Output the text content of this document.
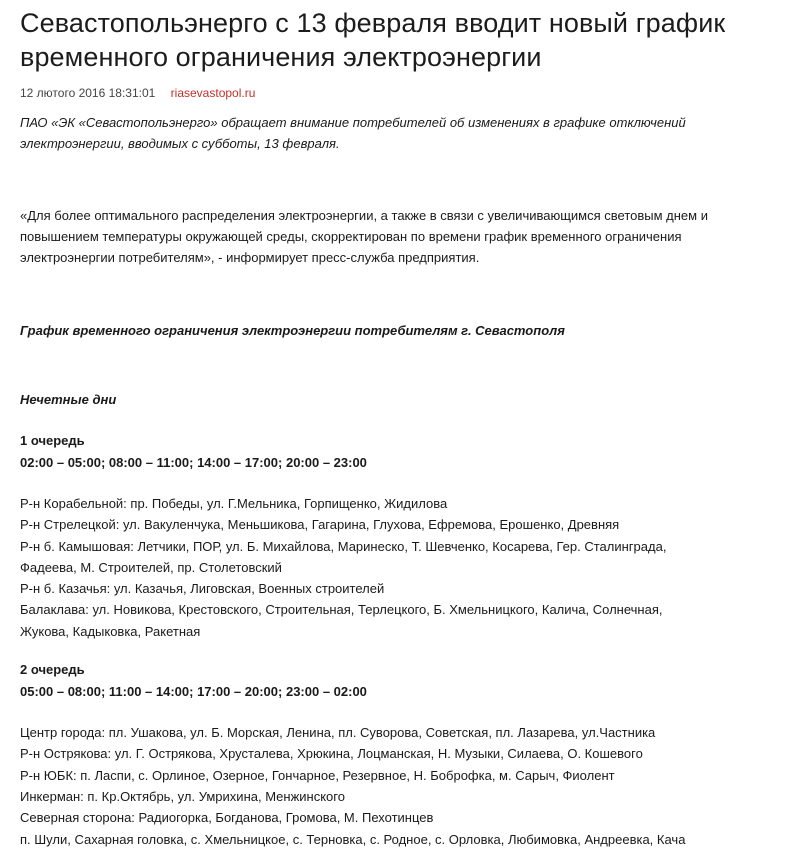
Севастопольэнерго с 13 февраля вводит новый график временного ограничения электроэнергии
12 лютого 2016 18:31:01 riasevastopol.ru

ПАО «ЭК «Севастопольэнерго» обращает внимание потребителей об изменениях в графике отключений электроэнергии, вводимых с субботы, 13 февраля.

«Для более оптимального распределения электроэнергии, а также в связи с увеличивающимся световым днем и повышением температуры окружающей среды, скорректирован по времени график временного ограничения электроэнергии потребителям», - информирует пресс-служба предприятия.

График временного ограничения электроэнергии потребителям г. Севастополя

Нечетные дни

1 очередь
02:00 – 05:00; 08:00 – 11:00; 14:00 – 17:00; 20:00 – 23:00
Р-н Корабельной: пр. Победы, ул. Г.Мельника, Горпищенко, Жидилова
Р-н Стрелецкой: ул. Вакуленчука, Меньшикова, Гагарина, Глухова, Ефремова, Ерошенко, Древняя
Р-н б. Камышовая: Летчики, ПОР, ул. Б. Михайлова, Маринеско, Т. Шевченко, Косарева, Гер. Сталинграда,
Фадеева, М. Строителей, пр. Столетовский
Р-н б. Казачья: ул. Казачья, Лиговская, Военных строителей
Балаклава: ул. Новикова, Крестовского, Строительная, Терлецкого, Б. Хмельницкого, Калича, Солнечная,
Жукова, Кадыковка, Ракетная
2 очередь
05:00 – 08:00; 11:00 – 14:00; 17:00 – 20:00; 23:00 – 02:00
Центр города: пл. Ушакова, ул. Б. Морская, Ленина, пл. Суворова, Советская, пл. Лазарева, ул.Частника
Р-н Острякова: ул. Г. Острякова, Хрусталева, Хрюкина, Лоцманская, Н. Музыки, Силаева, О. Кошевого
Р-н ЮБК: п. Ласпи, с. Орлиное, Озерное, Гончарное, Резервное, Н. Боброфка, м. Сарыч, Фиолент
Инкерман: п. Кр.Октябрь, ул. Умрихина, Менжинского
Северная сторона: Радиогорка, Богданова, Громова, М. Пехотинцев
п. Шули, Сахарная головка, с. Хмельницкое, с. Терновка, с. Родное, с. Орловка, Любимовка, Андреевка, Кача
